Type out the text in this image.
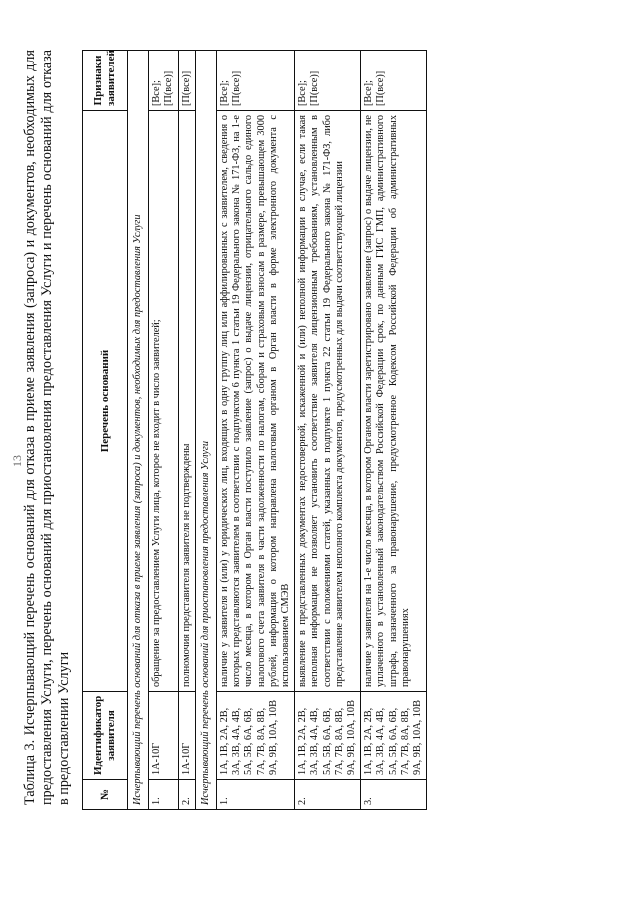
13
Таблица 3. Исчерпывающий перечень оснований для отказа в приеме заявления (запроса) и документов, необходимых для предоставления Услуги, перечень оснований для приостановления предоставления Услуги и перечень оснований для отказа в предоставлении Услуги №	Идентификатор заявителя	Перечень оснований	Признаки заявителей
Исчерпывающий перечень оснований для отказа в приеме заявления (запроса) и документов, необходимых для предоставления Услуги			
1.	1А-10Г	обращение за предоставлением Услуги лица, которое не входит в число заявителей;	[Все]; [П(все)]
2.	1А-10Г	полномочия представителя заявителя не подтверждены	[П(все)]
Исчерпывающий перечень оснований для приостановления предоставления Услуги			
1.	1А, 1В, 2А, 2В, 3А, 3В, 4А, 4В, 5А, 5В, 6А, 6В, 7А, 7В, 8А, 8В, 9А, 9В, 10А, 10В	наличие у заявителя и (или) у юридических лиц, входящих в одну группу лиц или аффилированных с заявителем, сведения о которых представляются заявителем в соответствии с подпунктом 6 пункта 1 статьи 19 Федерального закона № 171-ФЗ, на 1-е число месяца, в котором в Орган власти поступило заявление (запрос) о выдаче лицензии, отрицательного сальдо единого налогового счета заявителя в части задолженности по налогам, сборам и страховым взносам в размере, превышающем 3000 рублей, информация о котором направлена налоговым органом в Орган власти в форме электронного документа с использованием СМЭВ	[Все]; [П(все)]
2.	1А, 1В, 2А, 2В, 3А, 3В, 4А, 4В, 5А, 5В, 6А, 6В, 7А, 7В, 8А, 8В, 9А, 9В, 10А, 10В	выявление в представленных документах недостоверной, искаженной и (или) неполной информации в случае, если такая неполная информация не позволяет установить соответствие заявителя лицензионным требованиям, установленным в соответствии с положениями статей, указанных в подпункте 1 пункта 22 статьи 19 Федерального закона № 171-ФЗ, либо представление заявителем неполного комплекта документов, предусмотренных для выдачи соответствующей лицензии	[Все]; [П(все)]
3.	1А, 1В, 2А, 2В, 3А, 3В, 4А, 4В, 5А, 5В, 6А, 6В, 7А, 7В, 8А, 8В, 9А, 9В, 10А, 10В	наличие у заявителя на 1-е число месяца, в котором Органом власти зарегистрировано заявление (запрос) о выдаче лицензии, не уплаченного в установленный законодательством Российской Федерации срок, по данным ГИС ГМП, административного штрафа, назначенного за правонарушение, предусмотренное Кодексом Российской Федерации об административных правонарушениях	[Все]; [П(все)]
